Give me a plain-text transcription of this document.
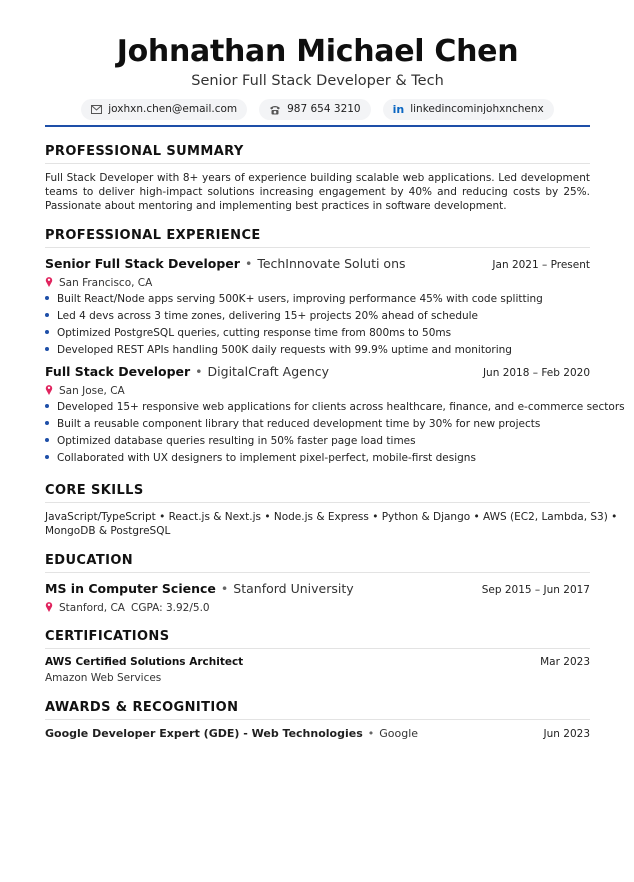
Johnathan Michael Chen
Senior Full Stack Developer & Tech
joxhxn.chen@email.com	987 654 3210	in linkedincominjohxnchenx
PROFESSIONAL SUMMARY
Full Stack Developer with 8+ years of experience building scalable web applications. Led development teams to deliver high-impact solutions increasing engagement by 40% and reducing costs by 25%. Passionate about mentoring and implementing best practices in software development.
PROFESSIONAL EXPERIENCE
Senior Full Stack Developer • TechInnovate Soluti ons	Jan 2021 – Present
San Francisco, CA
Built React/Node apps serving 500K+ users, improving performance 45% with code splitting
Led 4 devs across 3 time zones, delivering 15+ projects 20% ahead of schedule
Optimized PostgreSQL queries, cutting response time from 800ms to 50ms
Developed REST APIs handling 500K daily requests with 99.9% uptime and monitoring
Full Stack Developer • DigitalCraft Agency	Jun 2018 – Feb 2020
San Jose, CA
Developed 15+ responsive web applications for clients across healthcare, finance, and e-commerce sectors
Built a reusable component library that reduced development time by 30% for new projects
Optimized database queries resulting in 50% faster page load times
Collaborated with UX designers to implement pixel-perfect, mobile-first designs
CORE SKILLS
JavaScript/TypeScript • React.js & Next.js • Node.js & Express • Python & Django • AWS (EC2, Lambda, S3) •
MongoDB & PostgreSQL
EDUCATION
MS in Computer Science • Stanford University	Sep 2015 – Jun 2017
Stanford, CA CGPA: 3.92/5.0
CERTIFICATIONS
AWS Certified Solutions Architect	Mar 2023
Amazon Web Services
AWARDS & RECOGNITION
Google Developer Expert (GDE) - Web Technologies • Google	Jun 2023
